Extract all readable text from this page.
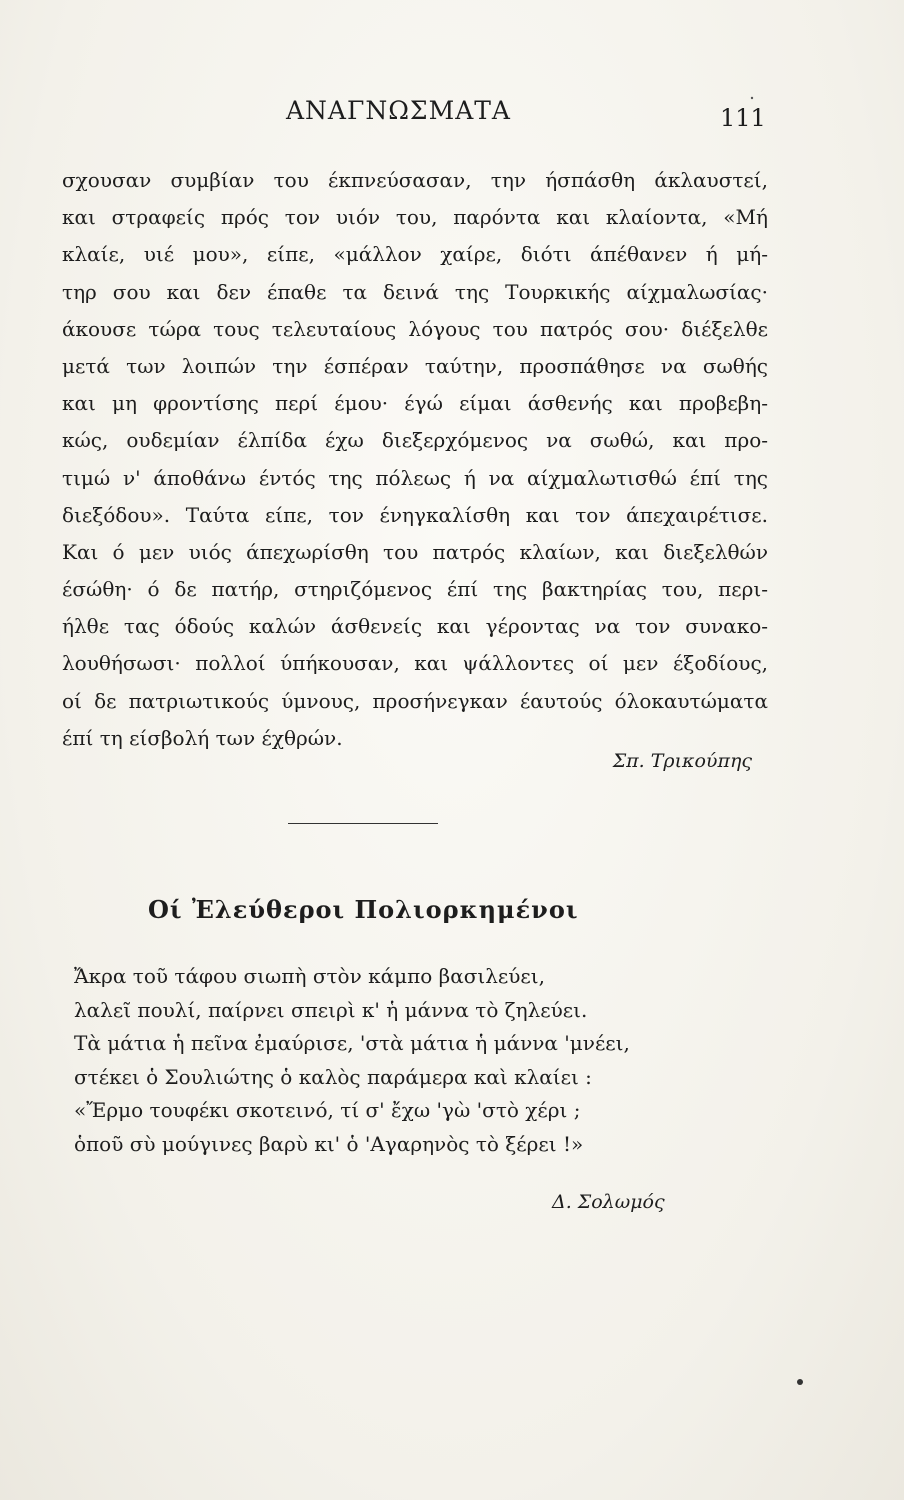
ΑΝΑΓΝΩΣΜΑΤΑ	111
σχουσαν συμβίαν του έκπνεύσασαν, την ήσπάσθη άκλαυστεί,
και στραφείς πρός τον υιόν του, παρόντα και κλαίοντα, «Μή
κλαίε, υιέ μου», είπε, «μάλλον χαίρε, διότι άπέθανεν ή μή-
τηρ σου και δεν έπαθε τα δεινά της Τουρκικής αίχμαλωσίας·
άκουσε τώρα τους τελευταίους λόγους του πατρός σου· διέξελθε
μετά των λοιπών την έσπέραν ταύτην, προσπάθησε να σωθής
και μη φροντίσης περί έμου· έγώ είμαι άσθενής και προβεβη-
κώς, ουδεμίαν έλπίδα έχω διεξερχόμενος να σωθώ, και προ-
τιμώ ν' άποθάνω έντός της πόλεως ή να αίχμαλωτισθώ έπί της
διεξόδου». Ταύτα είπε, τον ένηγκαλίσθη και τον άπεχαιρέτισε.
Και ό μεν υιός άπεχωρίσθη του πατρός κλαίων, και διεξελθών
έσώθη· ό δε πατήρ, στηριζόμενος έπί της βακτηρίας του, περι-
ήλθε τας όδούς καλών άσθενείς και γέροντας να τον συνακο-
λουθήσωσι· πολλοί ύπήκουσαν, και ψάλλοντες οί μεν έξοδίους,
οί δε πατριωτικούς ύμνους, προσήνεγκαν έαυτούς όλοκαυτώματα
έπί τη είσβολή των έχθρών.
Σπ. Τρικούπης
Οί Ἐλεύθεροι Πολιορκημένοι
Ἄκρα τοῦ τάφου σιωπὴ στὸν κάμπο βασιλεύει,
λαλεῖ πουλί, παίρνει σπειρὶ κ' ἡ μάννα τὸ ζηλεύει.
Τὰ μάτια ἡ πεῖνα ἐμαύρισε, 'στὰ μάτια ἡ μάννα 'μνέει,
στέκει ὁ Σουλιώτης ὁ καλὸς παράμερα καὶ κλαίει :
«Ἔρμο τουφέκι σκοτεινό, τί σ' ἔχω 'γὼ 'στὸ χέρι ;
ὁποῦ σὺ μούγινες βαρὺ κι' ὁ 'Αγαρηνὸς τὸ ξέρει !»
Δ. Σολωμός
